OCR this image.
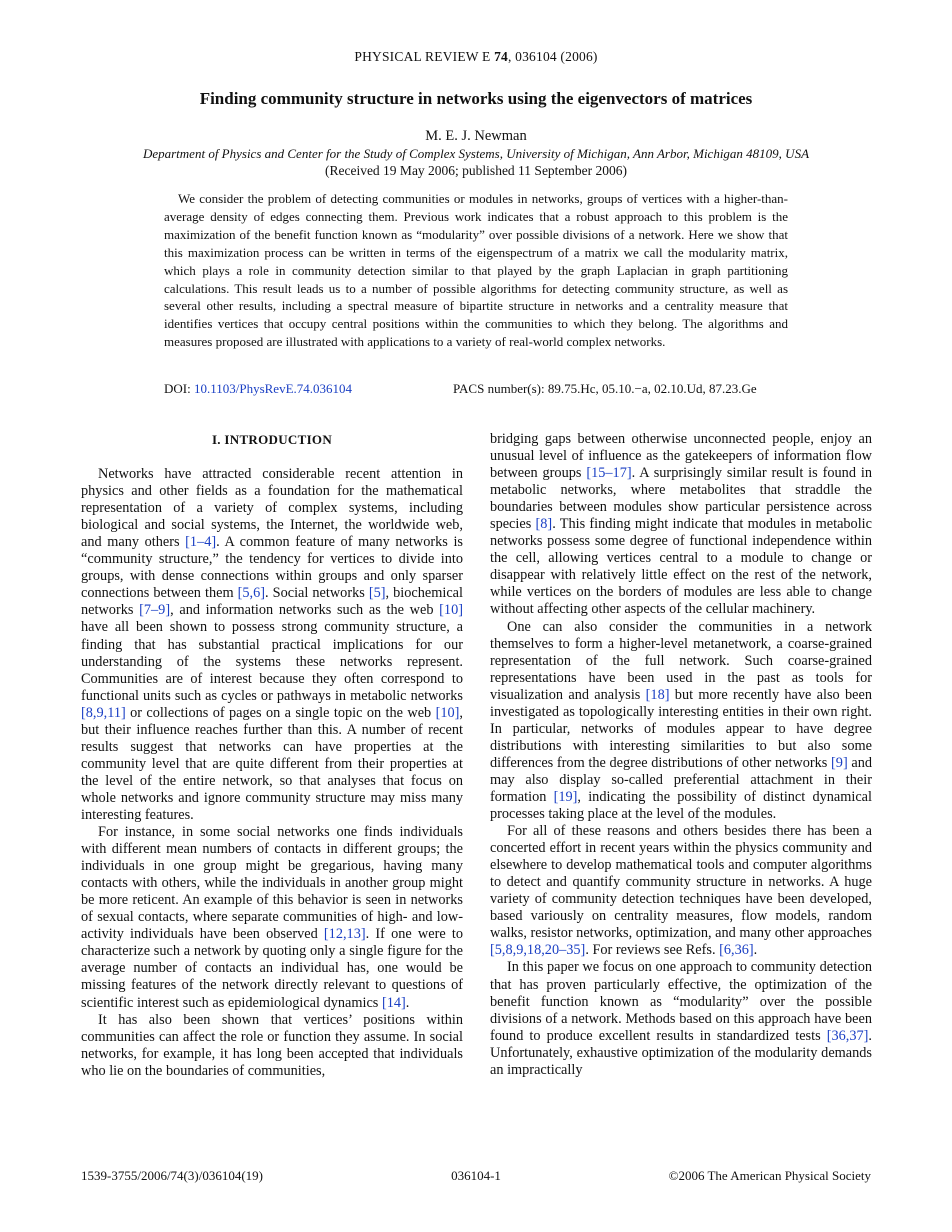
PHYSICAL REVIEW E 74, 036104 (2006)
Finding community structure in networks using the eigenvectors of matrices
M. E. J. Newman
Department of Physics and Center for the Study of Complex Systems, University of Michigan, Ann Arbor, Michigan 48109, USA
(Received 19 May 2006; published 11 September 2006)

We consider the problem of detecting communities or modules in networks, groups of vertices with a higher-than-average density of edges connecting them. Previous work indicates that a robust approach to this problem is the maximization of the benefit function known as “modularity” over possible divisions of a network. Here we show that this maximization process can be written in terms of the eigenspectrum of a matrix we call the modularity matrix, which plays a role in community detection similar to that played by the graph Laplacian in graph partitioning calculations. This result leads us to a number of possible algorithms for detecting community structure, as well as several other results, including a spectral measure of bipartite structure in networks and a centrality measure that identifies vertices that occupy central positions within the communities to which they belong. The algorithms and measures proposed are illustrated with applications to a variety of real-world complex networks.

DOI: 10.1103/PhysRevE.74.036104	PACS number(s): 89.75.Hc, 05.10.−a, 02.10.Ud, 87.23.Ge

I. INTRODUCTION

Networks have attracted considerable recent attention in physics and other fields as a foundation for the mathematical representation of a variety of complex systems, including biological and social systems, the Internet, the worldwide web, and many others [1–4]. A common feature of many networks is “community structure,” the tendency for vertices to divide into groups, with dense connections within groups and only sparser connections between them [5,6]. Social networks [5], biochemical networks [7–9], and information networks such as the web [10] have all been shown to possess strong community structure, a finding that has substantial practical implications for our understanding of the systems these networks represent. Communities are of interest because they often correspond to functional units such as cycles or pathways in metabolic networks [8,9,11] or collections of pages on a single topic on the web [10], but their influence reaches further than this. A number of recent results suggest that networks can have properties at the community level that are quite different from their properties at the level of the entire network, so that analyses that focus on whole networks and ignore community structure may miss many interesting features.

For instance, in some social networks one finds individuals with different mean numbers of contacts in different groups; the individuals in one group might be gregarious, having many contacts with others, while the individuals in another group might be more reticent. An example of this behavior is seen in networks of sexual contacts, where separate communities of high- and low-activity individuals have been observed [12,13]. If one were to characterize such a network by quoting only a single figure for the average number of contacts an individual has, one would be missing features of the network directly relevant to questions of scientific interest such as epidemiological dynamics [14].

It has also been shown that vertices’ positions within communities can affect the role or function they assume. In social networks, for example, it has long been accepted that individuals who lie on the boundaries of communities,

bridging gaps between otherwise unconnected people, enjoy an unusual level of influence as the gatekeepers of information flow between groups [15–17]. A surprisingly similar result is found in metabolic networks, where metabolites that straddle the boundaries between modules show particular persistence across species [8]. This finding might indicate that modules in metabolic networks possess some degree of functional independence within the cell, allowing vertices central to a module to change or disappear with relatively little effect on the rest of the network, while vertices on the borders of modules are less able to change without affecting other aspects of the cellular machinery.

One can also consider the communities in a network themselves to form a higher-level metanetwork, a coarse-grained representation of the full network. Such coarse-grained representations have been used in the past as tools for visualization and analysis [18] but more recently have also been investigated as topologically interesting entities in their own right. In particular, networks of modules appear to have degree distributions with interesting similarities to but also some differences from the degree distributions of other networks [9] and may also display so-called preferential attachment in their formation [19], indicating the possibility of distinct dynamical processes taking place at the level of the modules.

For all of these reasons and others besides there has been a concerted effort in recent years within the physics community and elsewhere to develop mathematical tools and computer algorithms to detect and quantify community structure in networks. A huge variety of community detection techniques have been developed, based variously on centrality measures, flow models, random walks, resistor networks, optimization, and many other approaches [5,8,9,18,20–35]. For reviews see Refs. [6,36].

In this paper we focus on one approach to community detection that has proven particularly effective, the optimization of the benefit function known as “modularity” over the possible divisions of a network. Methods based on this approach have been found to produce excellent results in standardized tests [36,37]. Unfortunately, exhaustive optimization of the modularity demands an impractically

1539-3755/2006/74(3)/036104(19)	036104-1	©2006 The American Physical Society
